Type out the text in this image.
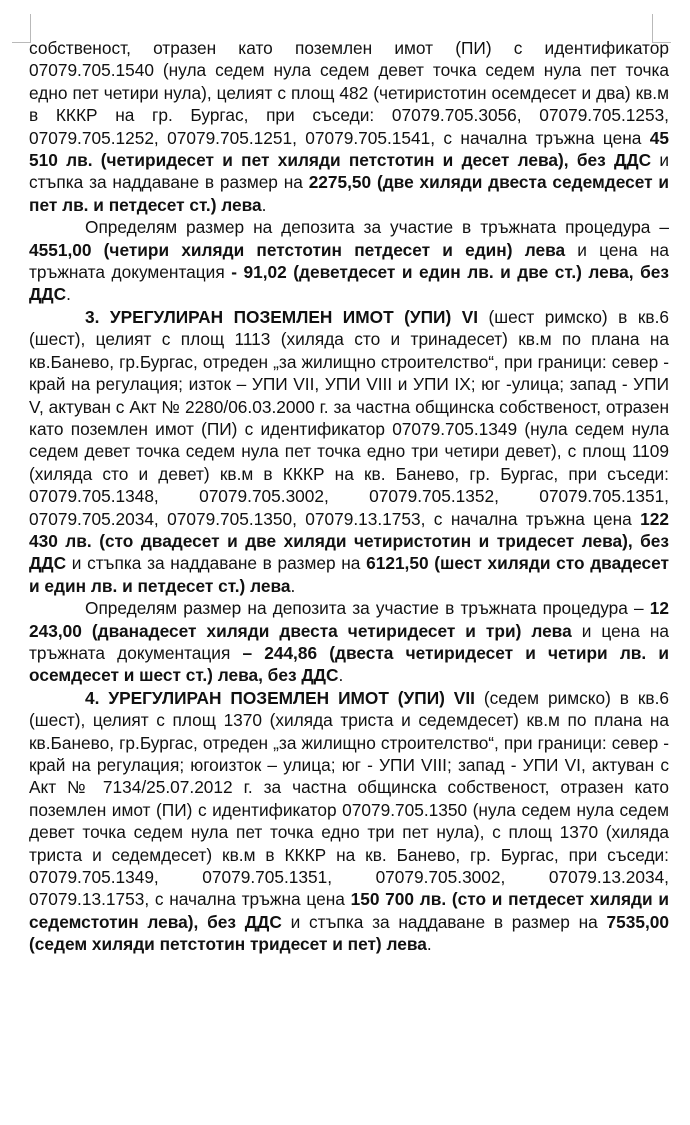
собственост, отразен като поземлен имот (ПИ) с идентификатор 07079.705.1540 (нула седем нула седем девет точка седем нула пет точка едно пет четири нула), целият с площ 482 (четиристотин осемдесет и два) кв.м в КККР на гр. Бургас, при съседи: 07079.705.3056, 07079.705.1253, 07079.705.1252, 07079.705.1251, 07079.705.1541, с начална тръжна цена 45 510 лв. (четиридесет и пет хиляди петстотин и десет лева), без ДДС и стъпка за наддаване в размер на 2275,50 (две хиляди двеста седемдесет и пет лв. и петдесет ст.) лева.

Определям размер на депозита за участие в тръжната процедура – 4551,00 (четири хиляди петстотин петдесет и един) лева и цена на тръжната документация - 91,02 (деветдесет и един лв. и две ст.) лева, без ДДС.

3. УРЕГУЛИРАН ПОЗЕМЛЕН ИМОТ (УПИ) VI (шест римско) в кв.6 (шест), целият с площ 1113 (хиляда сто и тринадесет) кв.м по плана на кв.Банево, гр.Бургас, отреден „за жилищно строителство“, при граници: север - край на регулация; изток – УПИ VII, УПИ VIII и УПИ IX; юг -улица; запад - УПИ V, актуван с Акт № 2280/06.03.2000 г. за частна общинска собственост, отразен като поземлен имот (ПИ) с идентификатор 07079.705.1349 (нула седем нула седем девет точка седем нула пет точка едно три четири девет), с площ 1109 (хиляда сто и девет) кв.м в КККР на кв. Банево, гр. Бургас, при съседи: 07079.705.1348, 07079.705.3002, 07079.705.1352, 07079.705.1351, 07079.705.2034, 07079.705.1350, 07079.13.1753, с начална тръжна цена 122 430 лв. (сто двадесет и две хиляди четиристотин и тридесет лева), без ДДС и стъпка за наддаване в размер на 6121,50 (шест хиляди сто двадесет и един лв. и петдесет ст.) лева.

Определям размер на депозита за участие в тръжната процедура – 12 243,00 (дванадесет хиляди двеста четиридесет и три) лева и цена на тръжната документация – 244,86 (двеста четиридесет и четири лв. и осемдесет и шест ст.) лева, без ДДС.

4. УРЕГУЛИРАН ПОЗЕМЛЕН ИМОТ (УПИ) VII (седем римско) в кв.6 (шест), целият с площ 1370 (хиляда триста и седемдесет) кв.м по плана на кв.Банево, гр.Бургас, отреден „за жилищно строителство“, при граници: север - край на регулация; югоизток – улица; юг - УПИ VIII; запад - УПИ VI, актуван с Акт № 7134/25.07.2012 г. за частна общинска собственост, отразен като поземлен имот (ПИ) с идентификатор 07079.705.1350 (нула седем нула седем девет точка седем нула пет точка едно три пет нула), с площ 1370 (хиляда триста и седемдесет) кв.м в КККР на кв. Банево, гр. Бургас, при съседи: 07079.705.1349, 07079.705.1351, 07079.705.3002, 07079.13.2034, 07079.13.1753, с начална тръжна цена 150 700 лв. (сто и петдесет хиляди и седемстотин лева), без ДДС и стъпка за наддаване в размер на 7535,00 (седем хиляди петстотин тридесет и пет) лева.
